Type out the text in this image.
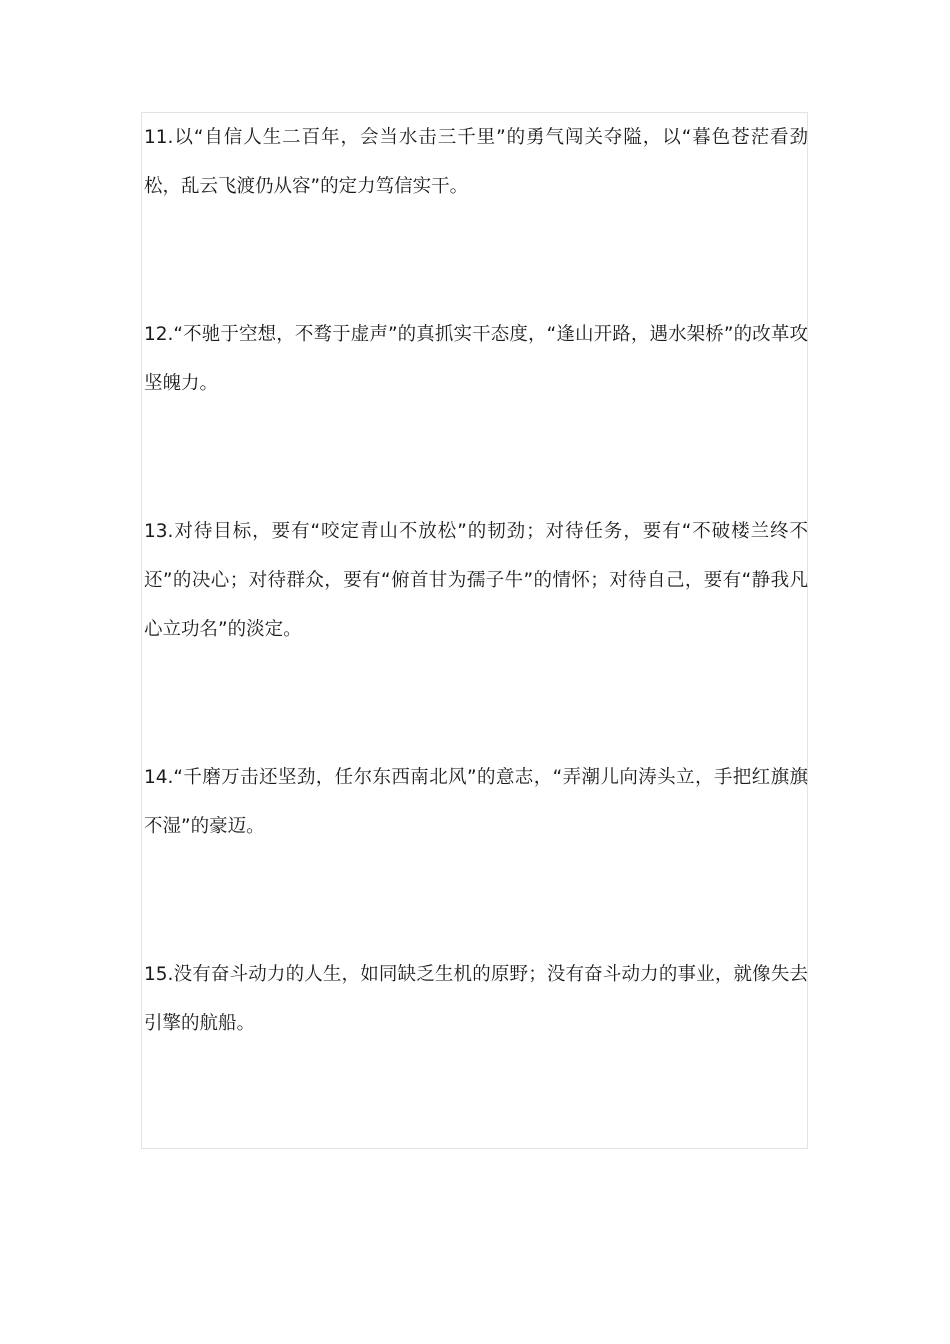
11.以“自信人生二百年，会当水击三千里”的勇气闯关夺隘，以“暮色苍茫看劲松，乱云飞渡仍从容”的定力笃信实干。

12.“不驰于空想，不骛于虚声”的真抓实干态度，“逢山开路，遇水架桥”的改革攻坚魄力。

13.对待目标，要有“咬定青山不放松”的韧劲；对待任务，要有“不破楼兰终不还”的决心；对待群众，要有“俯首甘为孺子牛”的情怀；对待自己，要有“静我凡心立功名”的淡定。

14.“千磨万击还坚劲，任尔东西南北风”的意志，“弄潮儿向涛头立，手把红旗旗不湿”的豪迈。

15.没有奋斗动力的人生，如同缺乏生机的原野；没有奋斗动力的事业，就像失去引擎的航船。
